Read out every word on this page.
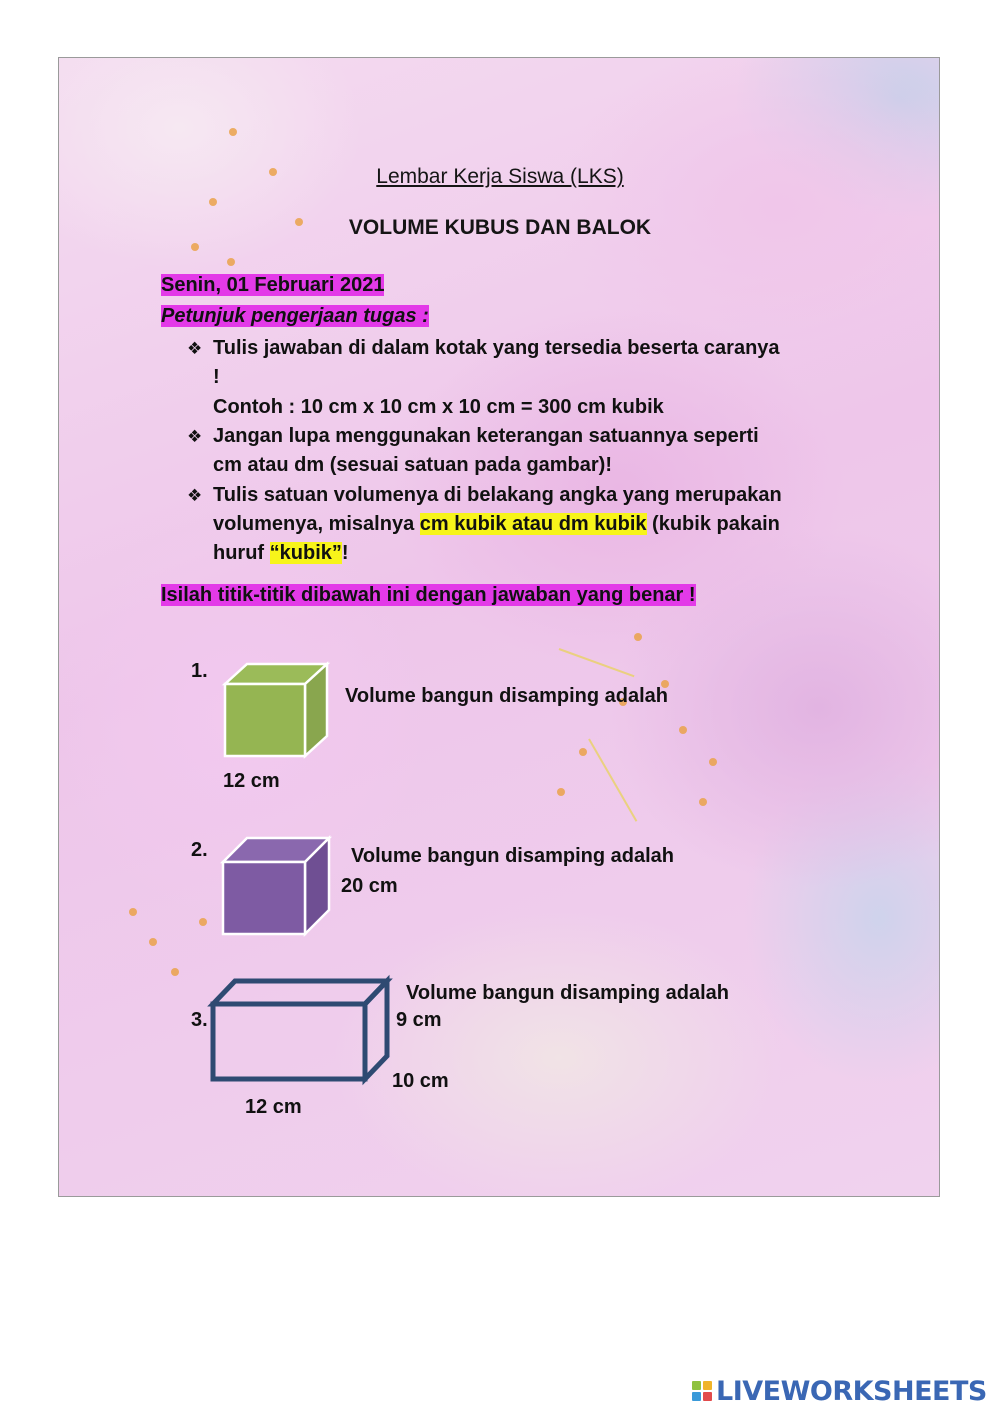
Lembar Kerja Siswa (LKS)
VOLUME KUBUS DAN BALOK
Senin, 01 Februari 2021
Petunjuk pengerjaan tugas :
❖ Tulis jawaban di dalam kotak yang tersedia beserta caranya !
Contoh : 10 cm x 10 cm x 10 cm = 300 cm kubik
❖ Jangan lupa menggunakan keterangan satuannya seperti cm atau dm (sesuai satuan pada gambar)!
❖ Tulis satuan volumenya di belakang angka yang merupakan volumenya, misalnya cm kubik atau dm kubik (kubik pakain huruf “kubik”!
Isilah titik-titik dibawah ini dengan jawaban yang benar !
1.
Volume bangun disamping adalah
12 cm
2.	Volume bangun disamping adalah
20 cm
3.
Volume bangun disamping adalah
9 cm
10 cm
12 cm
LIVEWORKSHEETS
